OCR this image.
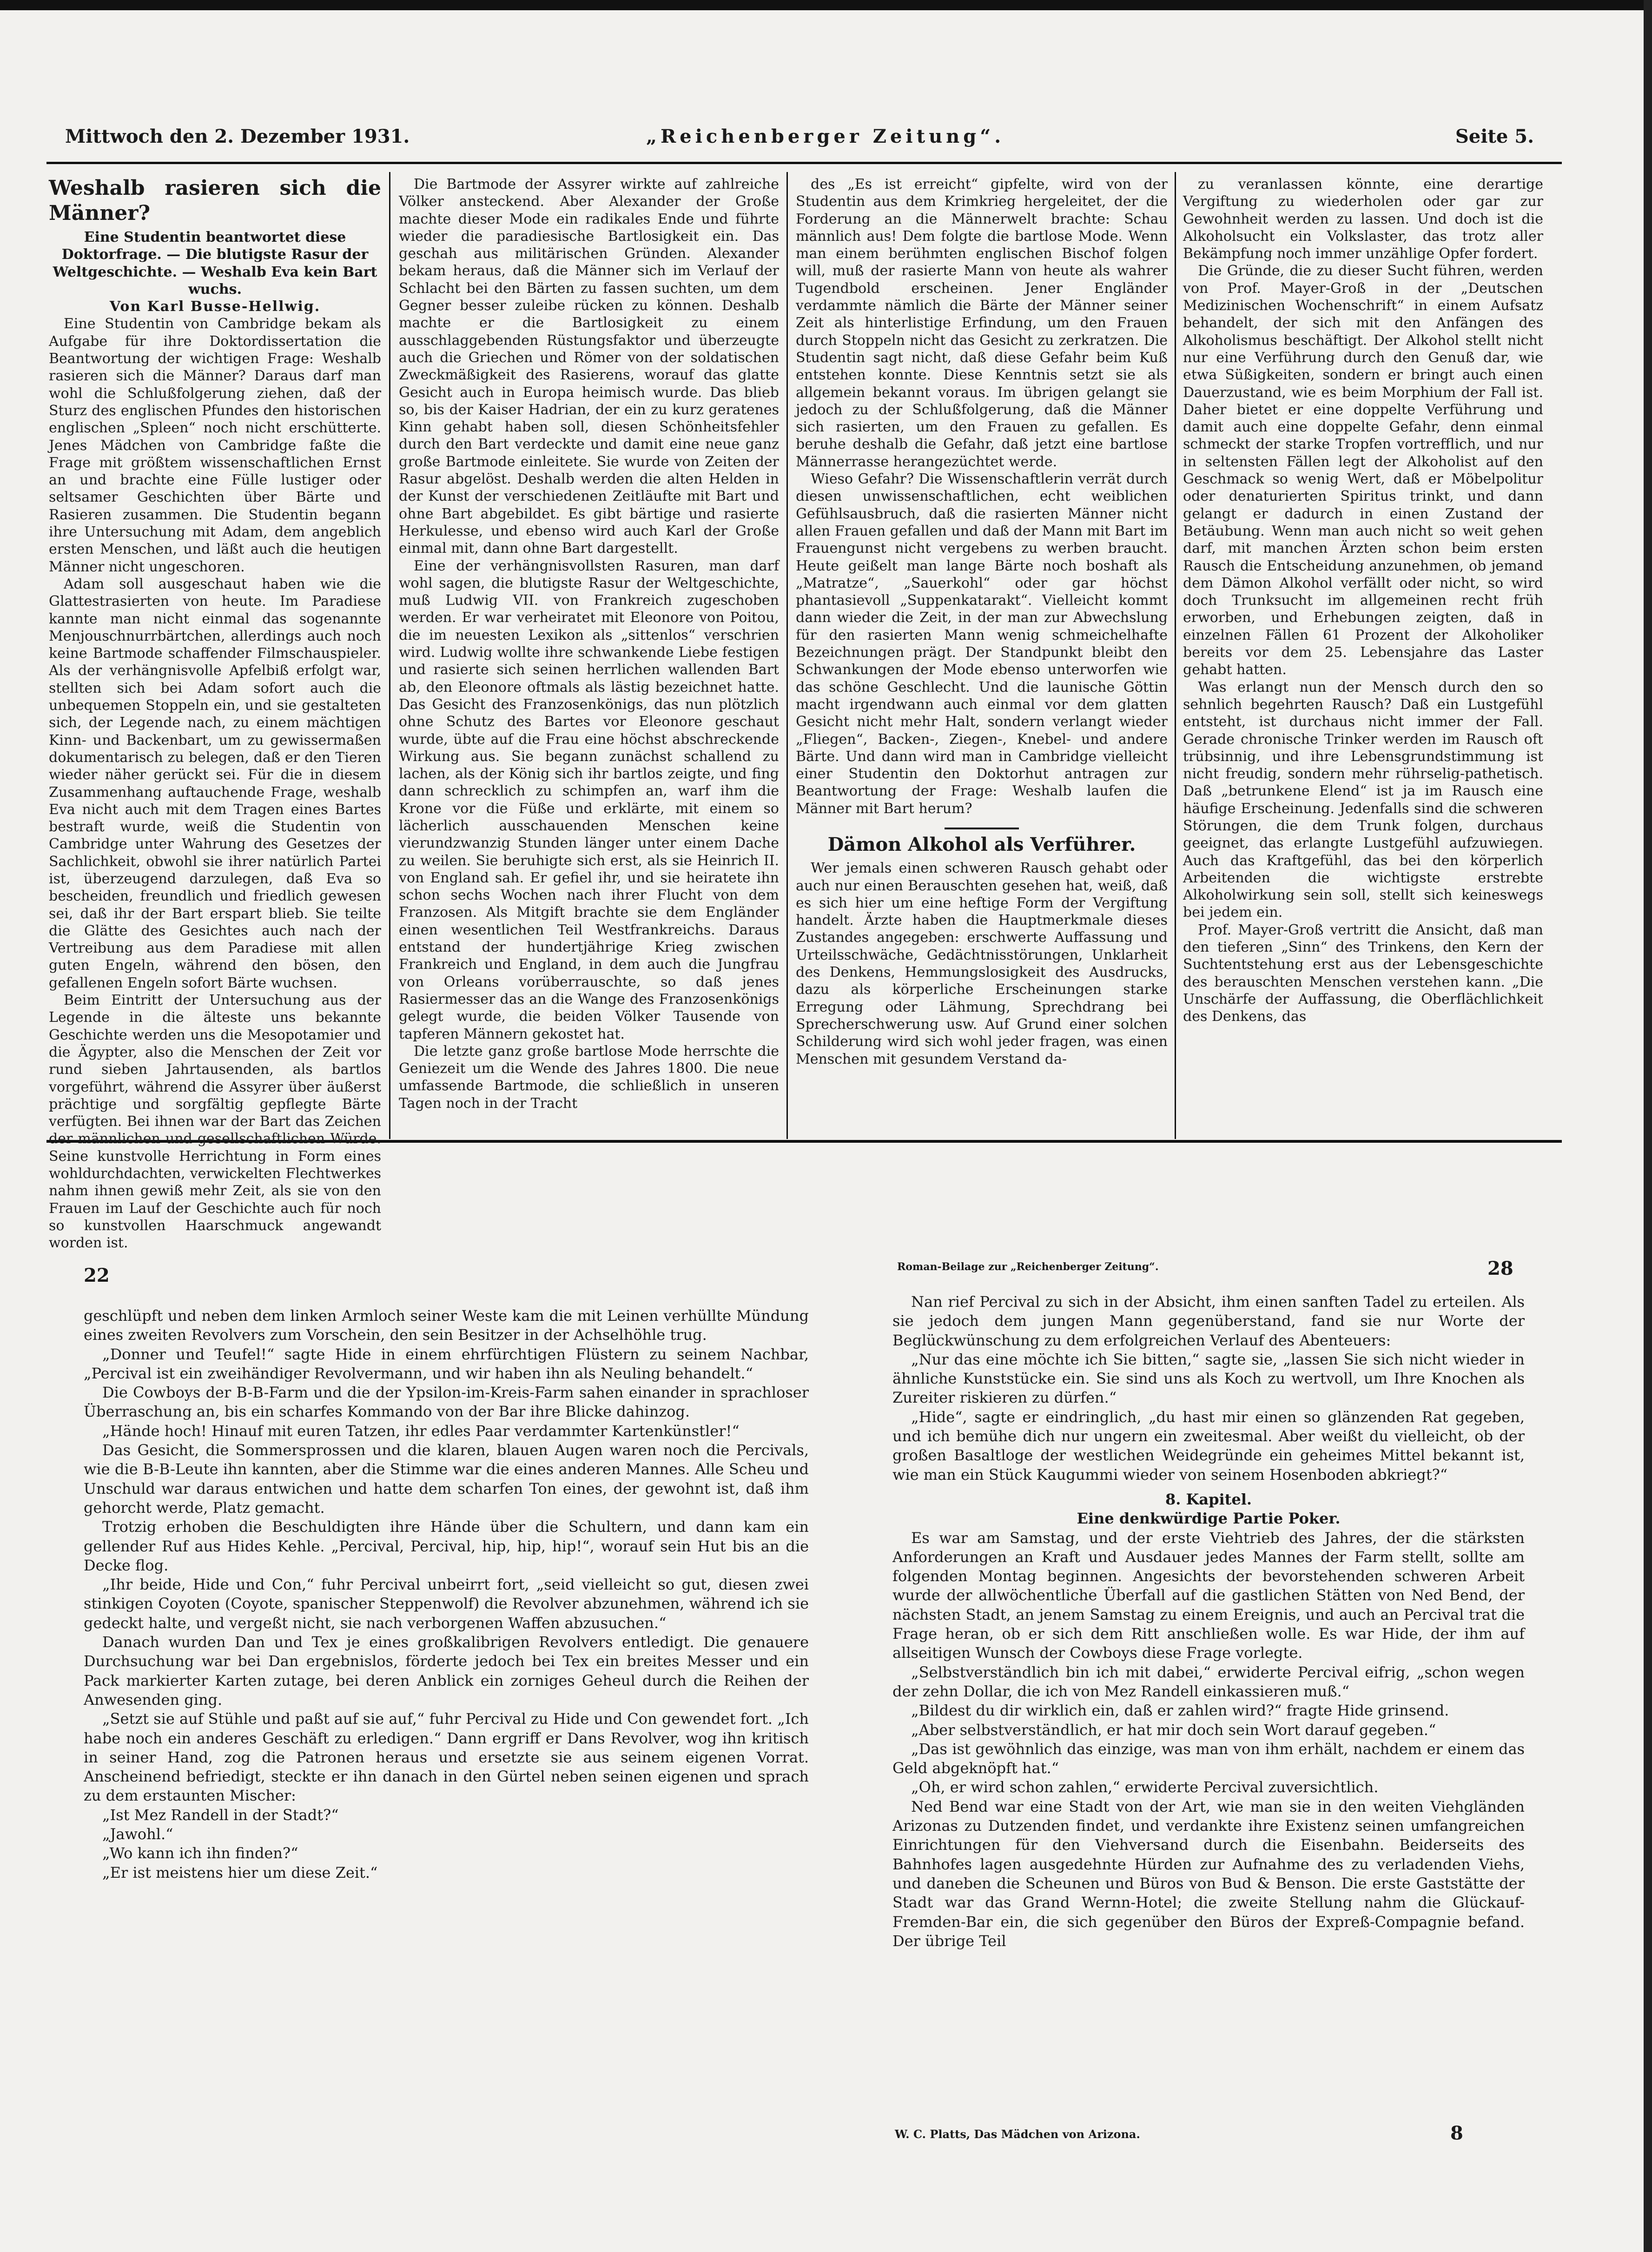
Mittwoch den 2. Dezember 1931.	„Reichenberger Zeitung“.	Seite 5.
Weshalb rasieren sich die Männer?

Eine Studentin beantwortet diese Doktorfrage. — Die blutigste Rasur der Weltgeschichte. — Weshalb Eva kein Bart wuchs.

Von Karl Busse-Hellwig.

Eine Studentin von Cambridge bekam als Aufgabe für ihre Doktordissertation die Beantwortung der wichtigen Frage: Weshalb rasieren sich die Männer? Daraus darf man wohl die Schlußfolgerung ziehen, daß der Sturz des englischen Pfundes den historischen englischen „Spleen“ noch nicht erschütterte. Jenes Mädchen von Cambridge faßte die Frage mit größtem wissenschaftlichen Ernst an und brachte eine Fülle lustiger oder seltsamer Geschichten über Bärte und Rasieren zusammen. Die Studentin begann ihre Untersuchung mit Adam, dem angeblich ersten Menschen, und läßt auch die heutigen Männer nicht ungeschoren.

Adam soll ausgeschaut haben wie die Glattestrasierten von heute. Im Paradiese kannte man nicht einmal das sogenannte Menjouschnurrbärtchen, allerdings auch noch keine Bartmode schaffender Filmschauspieler. Als der verhängnisvolle Apfelbiß erfolgt war, stellten sich bei Adam sofort auch die unbequemen Stoppeln ein, und sie gestalteten sich, der Legende nach, zu einem mächtigen Kinn- und Backenbart, um zu gewissermaßen dokumentarisch zu belegen, daß er den Tieren wieder näher gerückt sei. Für die in diesem Zusammenhang auftauchende Frage, weshalb Eva nicht auch mit dem Tragen eines Bartes bestraft wurde, weiß die Studentin von Cambridge unter Wahrung des Gesetzes der Sachlichkeit, obwohl sie ihrer natürlich Partei ist, überzeugend darzulegen, daß Eva so bescheiden, freundlich und friedlich gewesen sei, daß ihr der Bart erspart blieb. Sie teilte die Glätte des Gesichtes auch nach der Vertreibung aus dem Paradiese mit allen guten Engeln, während den bösen, den gefallenen Engeln sofort Bärte wuchsen.

Beim Eintritt der Untersuchung aus der Legende in die älteste uns bekannte Geschichte werden uns die Mesopotamier und die Ägypter, also die Menschen der Zeit vor rund sieben Jahrtausenden, als bartlos vorgeführt, während die Assyrer über äußerst prächtige und sorgfältig gepflegte Bärte verfügten. Bei ihnen war der Bart das Zeichen der männlichen und gesellschaftlichen Würde. Seine kunstvolle Herrichtung in Form eines wohldurchdachten, verwickelten Flechtwerkes nahm ihnen gewiß mehr Zeit, als sie von den Frauen im Lauf der Geschichte auch für noch so kunstvollen Haarschmuck angewandt worden ist.

Die Bartmode der Assyrer wirkte auf zahlreiche Völker ansteckend. Aber Alexander der Große machte dieser Mode ein radikales Ende und führte wieder die paradiesische Bartlosigkeit ein. Das geschah aus militärischen Gründen. Alexander bekam heraus, daß die Männer sich im Verlauf der Schlacht bei den Bärten zu fassen suchten, um dem Gegner besser zuleibe rücken zu können. Deshalb machte er die Bartlosigkeit zu einem ausschlaggebenden Rüstungsfaktor und überzeugte auch die Griechen und Römer von der soldatischen Zweckmäßigkeit des Rasierens, worauf das glatte Gesicht auch in Europa heimisch wurde. Das blieb so, bis der Kaiser Hadrian, der ein zu kurz geratenes Kinn gehabt haben soll, diesen Schönheitsfehler durch den Bart verdeckte und damit eine neue ganz große Bartmode einleitete. Sie wurde von Zeiten der Rasur abgelöst. Deshalb werden die alten Helden in der Kunst der verschiedenen Zeitläufte mit Bart und ohne Bart abgebildet. Es gibt bärtige und rasierte Herkulesse, und ebenso wird auch Karl der Große einmal mit, dann ohne Bart dargestellt.

Eine der verhängnisvollsten Rasuren, man darf wohl sagen, die blutigste Rasur der Weltgeschichte, muß Ludwig VII. von Frankreich zugeschoben werden. Er war verheiratet mit Eleonore von Poitou, die im neuesten Lexikon als „sittenlos“ verschrien wird. Ludwig wollte ihre schwankende Liebe festigen und rasierte sich seinen herrlichen wallenden Bart ab, den Eleonore oftmals als lästig bezeichnet hatte. Das Gesicht des Franzosenkönigs, das nun plötzlich ohne Schutz des Bartes vor Eleonore geschaut wurde, übte auf die Frau eine höchst abschreckende Wirkung aus. Sie begann zunächst schallend zu lachen, als der König sich ihr bartlos zeigte, und fing dann schrecklich zu schimpfen an, warf ihm die Krone vor die Füße und erklärte, mit einem so lächerlich ausschauenden Menschen keine vierundzwanzig Stunden länger unter einem Dache zu weilen. Sie beruhigte sich erst, als sie Heinrich II. von England sah. Er gefiel ihr, und sie heiratete ihn schon sechs Wochen nach ihrer Flucht von dem Franzosen. Als Mitgift brachte sie dem Engländer einen wesentlichen Teil Westfrankreichs. Daraus entstand der hundertjährige Krieg zwischen Frankreich und England, in dem auch die Jungfrau von Orleans vorüberrauschte, so daß jenes Rasiermesser das an die Wange des Franzosenkönigs gelegt wurde, die beiden Völker Tausende von tapferen Männern gekostet hat.

Die letzte ganz große bartlose Mode herrschte die Geniezeit um die Wende des Jahres 1800. Die neue umfassende Bartmode, die schließlich in unseren Tagen noch in der Tracht

des „Es ist erreicht“ gipfelte, wird von der Studentin aus dem Krimkrieg hergeleitet, der die Forderung an die Männerwelt brachte: Schau männlich aus! Dem folgte die bartlose Mode. Wenn man einem berühmten englischen Bischof folgen will, muß der rasierte Mann von heute als wahrer Tugendbold erscheinen. Jener Engländer verdammte nämlich die Bärte der Männer seiner Zeit als hinterlistige Erfindung, um den Frauen durch Stoppeln nicht das Gesicht zu zerkratzen. Die Studentin sagt nicht, daß diese Gefahr beim Kuß entstehen konnte. Diese Kenntnis setzt sie als allgemein bekannt voraus. Im übrigen gelangt sie jedoch zu der Schlußfolgerung, daß die Männer sich rasierten, um den Frauen zu gefallen. Es beruhe deshalb die Gefahr, daß jetzt eine bartlose Männerrasse herangezüchtet werde.

Wieso Gefahr? Die Wissenschaftlerin verrät durch diesen unwissenschaftlichen, echt weiblichen Gefühlsausbruch, daß die rasierten Männer nicht allen Frauen gefallen und daß der Mann mit Bart im Frauengunst nicht vergebens zu werben braucht. Heute geißelt man lange Bärte noch boshaft als „Matratze“, „Sauerkohl“ oder gar höchst phantasievoll „Suppenkatarakt“. Vielleicht kommt dann wieder die Zeit, in der man zur Abwechslung für den rasierten Mann wenig schmeichelhafte Bezeichnungen prägt. Der Standpunkt bleibt den Schwankungen der Mode ebenso unterworfen wie das schöne Geschlecht. Und die launische Göttin macht irgendwann auch einmal vor dem glatten Gesicht nicht mehr Halt, sondern verlangt wieder „Fliegen“, Backen-, Ziegen-, Knebel- und andere Bärte. Und dann wird man in Cambridge vielleicht einer Studentin den Doktorhut antragen zur Beantwortung der Frage: Weshalb laufen die Männer mit Bart herum?

Dämon Alkohol als Verführer.

Wer jemals einen schweren Rausch gehabt oder auch nur einen Berauschten gesehen hat, weiß, daß es sich hier um eine heftige Form der Vergiftung handelt. Ärzte haben die Hauptmerkmale dieses Zustandes angegeben: erschwerte Auffassung und Urteilsschwäche, Gedächtnisstörungen, Unklarheit des Denkens, Hemmungslosigkeit des Ausdrucks, dazu als körperliche Erscheinungen starke Erregung oder Lähmung, Sprechdrang bei Sprecherschwerung usw. Auf Grund einer solchen Schilderung wird sich wohl jeder fragen, was einen Menschen mit gesundem Verstand da-

zu veranlassen könnte, eine derartige Vergiftung zu wiederholen oder gar zur Gewohnheit werden zu lassen. Und doch ist die Alkoholsucht ein Volkslaster, das trotz aller Bekämpfung noch immer unzählige Opfer fordert.

Die Gründe, die zu dieser Sucht führen, werden von Prof. Mayer-Groß in der „Deutschen Medizinischen Wochenschrift“ in einem Aufsatz behandelt, der sich mit den Anfängen des Alkoholismus beschäftigt. Der Alkohol stellt nicht nur eine Verführung durch den Genuß dar, wie etwa Süßigkeiten, sondern er bringt auch einen Dauerzustand, wie es beim Morphium der Fall ist. Daher bietet er eine doppelte Verführung und damit auch eine doppelte Gefahr, denn einmal schmeckt der starke Tropfen vortrefflich, und nur in seltensten Fällen legt der Alkoholist auf den Geschmack so wenig Wert, daß er Möbelpolitur oder denaturierten Spiritus trinkt, und dann gelangt er dadurch in einen Zustand der Betäubung. Wenn man auch nicht so weit gehen darf, mit manchen Ärzten schon beim ersten Rausch die Entscheidung anzunehmen, ob jemand dem Dämon Alkohol verfällt oder nicht, so wird doch Trunksucht im allgemeinen recht früh erworben, und Erhebungen zeigten, daß in einzelnen Fällen 61 Prozent der Alkoholiker bereits vor dem 25. Lebensjahre das Laster gehabt hatten.

Was erlangt nun der Mensch durch den so sehnlich begehrten Rausch? Daß ein Lustgefühl entsteht, ist durchaus nicht immer der Fall. Gerade chronische Trinker werden im Rausch oft trübsinnig, und ihre Lebensgrundstimmung ist nicht freudig, sondern mehr rührselig-pathetisch. Daß „betrunkene Elend“ ist ja im Rausch eine häufige Erscheinung. Jedenfalls sind die schweren Störungen, die dem Trunk folgen, durchaus geeignet, das erlangte Lustgefühl aufzuwiegen. Auch das Kraftgefühl, das bei den körperlich Arbeitenden die wichtigste erstrebte Alkoholwirkung sein soll, stellt sich keineswegs bei jedem ein.

Prof. Mayer-Groß vertritt die Ansicht, daß man den tieferen „Sinn“ des Trinkens, den Kern der Suchtentstehung erst aus der Lebensgeschichte des berauschten Menschen verstehen kann. „Die Unschärfe der Auffassung, die Oberflächlichkeit des Denkens, das

22	Roman-Beilage zur „Reichenberger Zeitung“.	28

geschlüpft und neben dem linken Armloch seiner Weste kam die mit Leinen verhüllte Mündung eines zweiten Revolvers zum Vorschein, den sein Besitzer in der Achselhöhle trug.

„Donner und Teufel!“ sagte Hide in einem ehrfürchtigen Flüstern zu seinem Nachbar, „Percival ist ein zweihändiger Revolvermann, und wir haben ihn als Neuling behandelt.“

Die Cowboys der B-B-Farm und die der Ypsilon-im-Kreis-Farm sahen einander in sprachloser Überraschung an, bis ein scharfes Kommando von der Bar ihre Blicke dahinzog.

„Hände hoch! Hinauf mit euren Tatzen, ihr edles Paar verdammter Kartenkünstler!“

Das Gesicht, die Sommersprossen und die klaren, blauen Augen waren noch die Percivals, wie die B-B-Leute ihn kannten, aber die Stimme war die eines anderen Mannes. Alle Scheu und Unschuld war daraus entwichen und hatte dem scharfen Ton eines, der gewohnt ist, daß ihm gehorcht werde, Platz gemacht.

Trotzig erhoben die Beschuldigten ihre Hände über die Schultern, und dann kam ein gellender Ruf aus Hides Kehle. „Percival, Percival, hip, hip, hip!“, worauf sein Hut bis an die Decke flog.

„Ihr beide, Hide und Con,“ fuhr Percival unbeirrt fort, „seid vielleicht so gut, diesen zwei stinkigen Coyoten (Coyote, spanischer Steppenwolf) die Revolver abzunehmen, während ich sie gedeckt halte, und vergeßt nicht, sie nach verborgenen Waffen abzusuchen.“

Danach wurden Dan und Tex je eines großkalibrigen Revolvers entledigt. Die genauere Durchsuchung war bei Dan ergebnislos, förderte jedoch bei Tex ein breites Messer und ein Pack markierter Karten zutage, bei deren Anblick ein zorniges Geheul durch die Reihen der Anwesenden ging.

„Setzt sie auf Stühle und paßt auf sie auf,“ fuhr Percival zu Hide und Con gewendet fort. „Ich habe noch ein anderes Geschäft zu erledigen.“ Dann ergriff er Dans Revolver, wog ihn kritisch in seiner Hand, zog die Patronen heraus und ersetzte sie aus seinem eigenen Vorrat. Anscheinend befriedigt, steckte er ihn danach in den Gürtel neben seinen eigenen und sprach zu dem erstaunten Mischer:

„Ist Mez Randell in der Stadt?“

„Jawohl.“

„Wo kann ich ihn finden?“

„Er ist meistens hier um diese Zeit.“

Nan rief Percival zu sich in der Absicht, ihm einen sanften Tadel zu erteilen. Als sie jedoch dem jungen Mann gegenüberstand, fand sie nur Worte der Beglückwünschung zu dem erfolgreichen Verlauf des Abenteuers:

„Nur das eine möchte ich Sie bitten,“ sagte sie, „lassen Sie sich nicht wieder in ähnliche Kunststücke ein. Sie sind uns als Koch zu wertvoll, um Ihre Knochen als Zureiter riskieren zu dürfen.“

„Hide“, sagte er eindringlich, „du hast mir einen so glänzenden Rat gegeben, und ich bemühe dich nur ungern ein zweitesmal. Aber weißt du vielleicht, ob der großen Basaltloge der westlichen Weidegründe ein geheimes Mittel bekannt ist, wie man ein Stück Kaugummi wieder von seinem Hosenboden abkriegt?“

8. Kapitel.

Eine denkwürdige Partie Poker.

Es war am Samstag, und der erste Viehtrieb des Jahres, der die stärksten Anforderungen an Kraft und Ausdauer jedes Mannes der Farm stellt, sollte am folgenden Montag beginnen. Angesichts der bevorstehenden schweren Arbeit wurde der allwöchentliche Überfall auf die gastlichen Stätten von Ned Bend, der nächsten Stadt, an jenem Samstag zu einem Ereignis, und auch an Percival trat die Frage heran, ob er sich dem Ritt anschließen wolle. Es war Hide, der ihm auf allseitigen Wunsch der Cowboys diese Frage vorlegte.

„Selbstverständlich bin ich mit dabei,“ erwiderte Percival eifrig, „schon wegen der zehn Dollar, die ich von Mez Randell einkassieren muß.“

„Bildest du dir wirklich ein, daß er zahlen wird?“ fragte Hide grinsend.

„Aber selbstverständlich, er hat mir doch sein Wort darauf gegeben.“

„Das ist gewöhnlich das einzige, was man von ihm erhält, nachdem er einem das Geld abgeknöpft hat.“

„Oh, er wird schon zahlen,“ erwiderte Percival zuversichtlich.

Ned Bend war eine Stadt von der Art, wie man sie in den weiten Viehgländen Arizonas zu Dutzenden findet, und verdankte ihre Existenz seinen umfangreichen Einrichtungen für den Viehversand durch die Eisenbahn. Beiderseits des Bahnhofes lagen ausgedehnte Hürden zur Aufnahme des zu verladenden Viehs, und daneben die Scheunen und Büros von Bud & Benson. Die erste Gaststätte der Stadt war das Grand Wernn-Hotel; die zweite Stellung nahm die Glückauf-Fremden-Bar ein, die sich gegenüber den Büros der Expreß-Compagnie befand. Der übrige Teil

W. C. Platts, Das Mädchen von Arizona.	8
